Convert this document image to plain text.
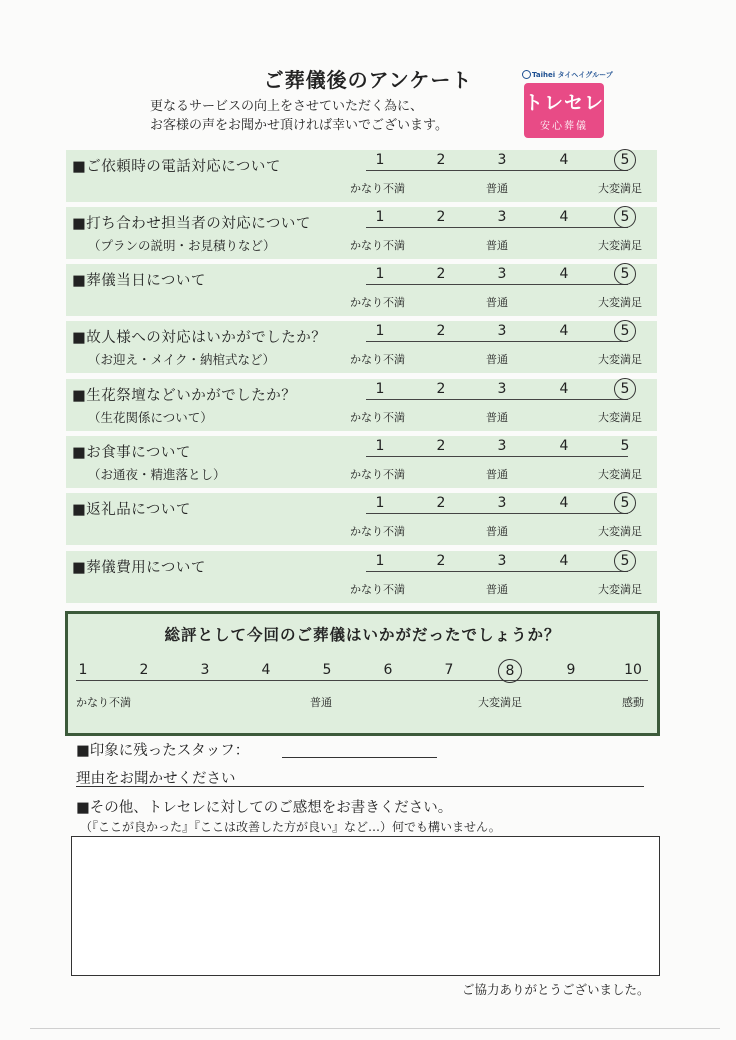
ご葬儀後のアンケート
更なるサービスの向上をさせていただく為に、
お客様の声をお聞かせ頂ければ幸いでございます。
Taihei タイヘイグループ
トレセレ
安心葬儀
■ご依頼時の電話対応について	1	2	3	4	5
かなり不満	普通	大変満足
■打ち合わせ担当者の対応について
（プランの説明・お見積りなど）
1	2	3	4	5
かなり不満	普通	大変満足
■葬儀当日について	1	2	3	4	5
かなり不満	普通	大変満足
■故人様への対応はいかがでしたか？
（お迎え・メイク・納棺式など）
1	2	3	4	5
かなり不満	普通	大変満足
■生花祭壇などいかがでしたか？
（生花関係について）
1	2	3	4	5
かなり不満	普通	大変満足
■お食事について
（お通夜・精進落とし）
1	2	3	4	5
かなり不満	普通	大変満足
■返礼品について	1	2	3	4	5
かなり不満	普通	大変満足
■葬儀費用について	1	2	3	4	5
かなり不満	普通	大変満足
総評として今回のご葬儀はいかがだったでしょうか？
1	2	3	4	5	6	7	8	9	10
かなり不満	普通	大変満足	感動
■印象に残ったスタッフ：
理由をお聞かせください
■その他、トレセレに対してのご感想をお書きください。
（『ここが良かった』『ここは改善した方が良い』など…）何でも構いません。
ご協力ありがとうございました。
